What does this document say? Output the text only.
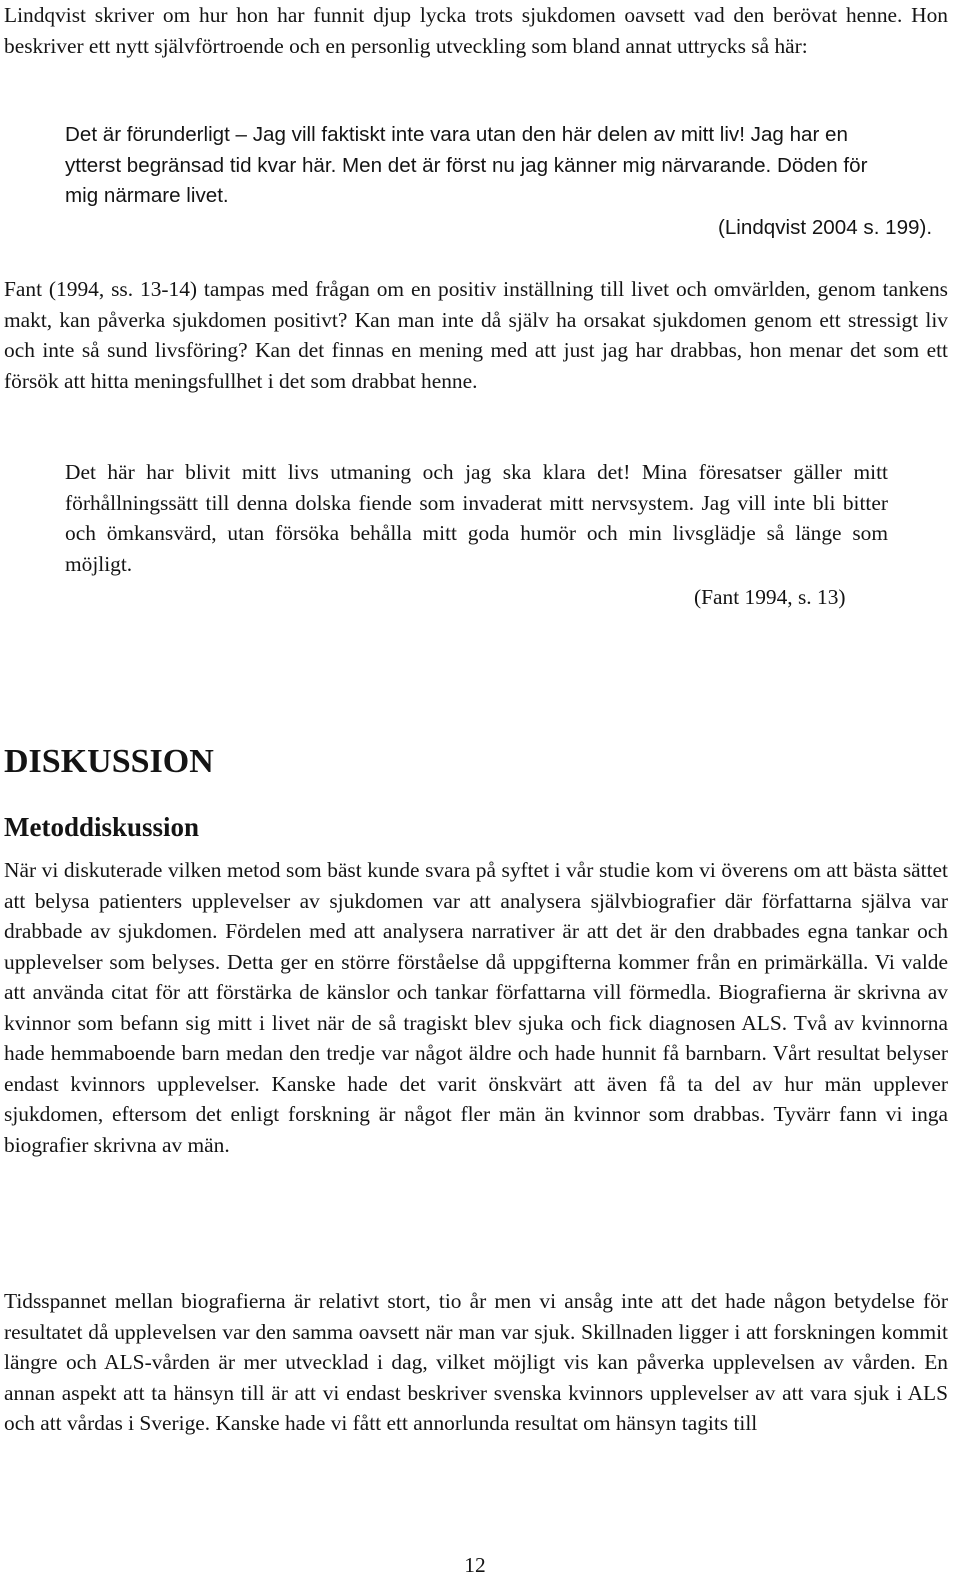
Lindqvist skriver om hur hon har funnit djup lycka trots sjukdomen oavsett vad den berövat henne. Hon beskriver ett nytt självförtroende och en personlig utveckling som bland annat uttrycks så här:

Det är förunderligt – Jag vill faktiskt inte vara utan den här delen av mitt liv! Jag har en ytterst begränsad tid kvar här. Men det är först nu jag känner mig närvarande. Döden för mig närmare livet.

(Lindqvist 2004 s. 199).

Fant (1994, ss. 13-14) tampas med frågan om en positiv inställning till livet och omvärlden, genom tankens makt, kan påverka sjukdomen positivt? Kan man inte då själv ha orsakat sjukdomen genom ett stressigt liv och inte så sund livsföring? Kan det finnas en mening med att just jag har drabbas, hon menar det som ett försök att hitta meningsfullhet i det som drabbat henne.

Det här har blivit mitt livs utmaning och jag ska klara det! Mina föresatser gäller mitt förhållningssätt till denna dolska fiende som invaderat mitt nervsystem. Jag vill inte bli bitter och ömkansvärd, utan försöka behålla mitt goda humör och min livsglädje så länge som möjligt.

(Fant 1994, s. 13)
DISKUSSION
Metoddiskussion

När vi diskuterade vilken metod som bäst kunde svara på syftet i vår studie kom vi överens om att bästa sättet att belysa patienters upplevelser av sjukdomen var att analysera självbiografier där författarna själva var drabbade av sjukdomen. Fördelen med att analysera narrativer är att det är den drabbades egna tankar och upplevelser som belyses. Detta ger en större förståelse då uppgifterna kommer från en primärkälla. Vi valde att använda citat för att förstärka de känslor och tankar författarna vill förmedla. Biografierna är skrivna av kvinnor som befann sig mitt i livet när de så tragiskt blev sjuka och fick diagnosen ALS. Två av kvinnorna hade hemmaboende barn medan den tredje var något äldre och hade hunnit få barnbarn. Vårt resultat belyser endast kvinnors upplevelser. Kanske hade det varit önskvärt att även få ta del av hur män upplever sjukdomen, eftersom det enligt forskning är något fler män än kvinnor som drabbas. Tyvärr fann vi inga biografier skrivna av män.

Tidsspannet mellan biografierna är relativt stort, tio år men vi ansåg inte att det hade någon betydelse för resultatet då upplevelsen var den samma oavsett när man var sjuk. Skillnaden ligger i att forskningen kommit längre och ALS-vården är mer utvecklad i dag, vilket möjligt vis kan påverka upplevelsen av vården. En annan aspekt att ta hänsyn till är att vi endast beskriver svenska kvinnors upplevelser av att vara sjuk i ALS och att vårdas i Sverige. Kanske hade vi fått ett annorlunda resultat om hänsyn tagits till

12
